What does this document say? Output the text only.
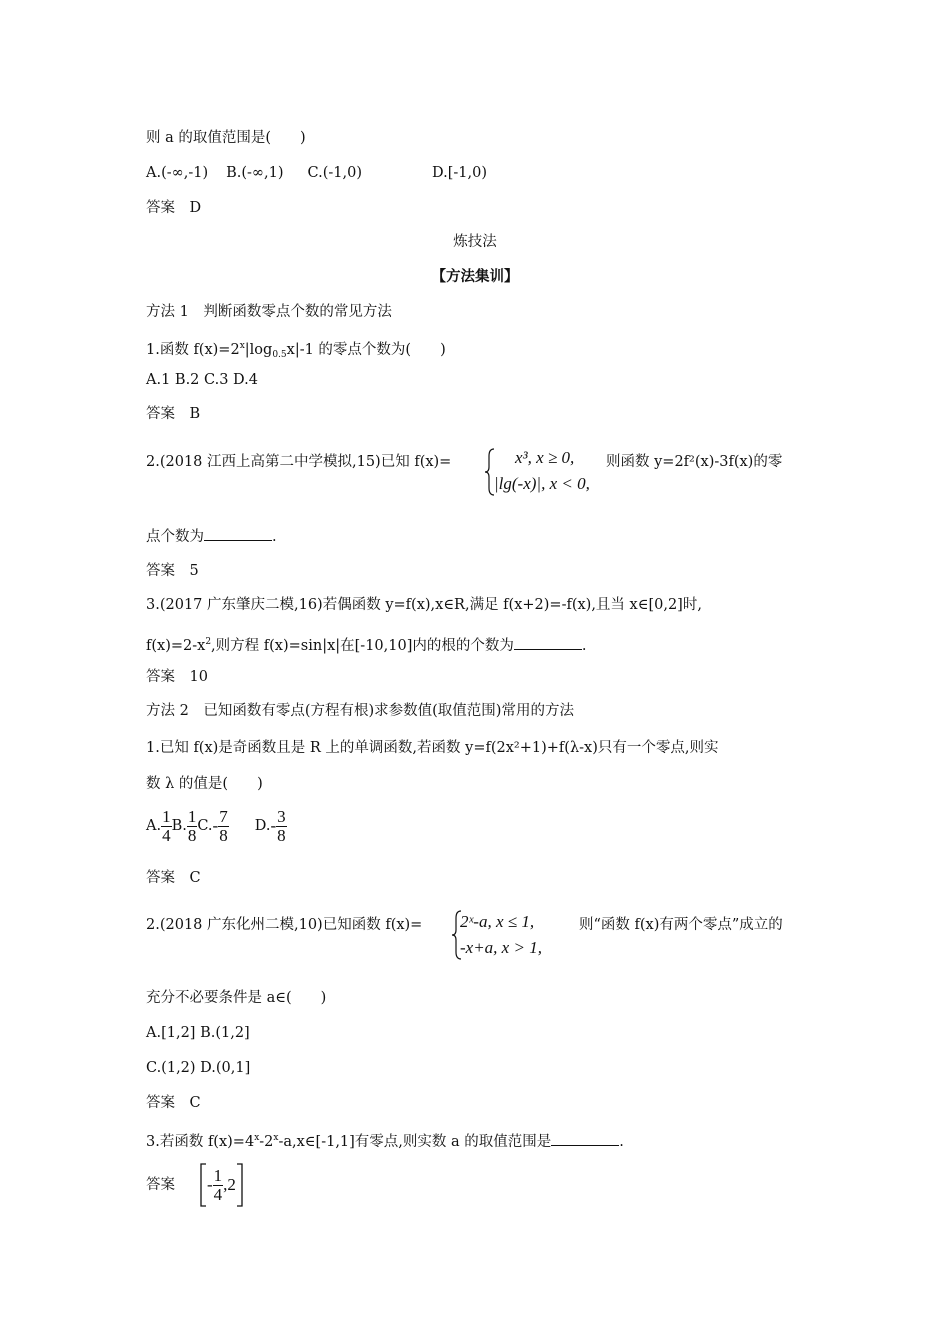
则 a 的取值范围是(　　)
A.(-∞,-1) B.(-∞,1) C.(-1,0)	D.[-1,0)
答案　 D
炼技法
【方法集训】
方法 1　判断函数零点个数的常见方法
1.函数 $f(x)=2^x|\log_{0.5}x|-1$ 的零点个数为(　　)
A.1 B.2 C.3 D.4
答案　 B
2.(2018 江西上高第二中学模拟,15)已知 f(x)=	x³, x ≥ 0,
|lg(-x)|, x < 0,
则函数 y=2f²(x)-3f(x)的零
点个数为	.
答案　 5
3.(2017 广东肇庆二模,16)若偶函数 y=f(x),x∈R,满足 f(x+2)=-f(x),且当 x∈[0,2]时,
$f(x)=2-x^2$,则方程 f(x)=sin|x|在[-10,10]内的根的个数为	.
答案　 10
方法 2　已知函数有零点(方程有根)求参数值(取值范围)常用的方法
1.已知 f(x)是奇函数且是 R 上的单调函数,若函数 y=f(2x²+1)+f(λ-x)只有一个零点,则实
数 λ 的值是(　　)
A. $\frac{1}{4} B$. $\frac{1}{8} C$. - $\frac{7}{8} D$. - $\frac{3}{8}$
答案　 C
2.(2018 广东化州二模,10)已知函数 f(x)= 2ˣ-a, x ≤ 1,
-x+a, x > 1,
则“函数 f(x)有两个零点”成立的
充分不必要条件是 a∈(　　)
A.[1,2] B.(1,2]
C.(1,2) D.(0,1]
答案　 C
3.若函数 $f(x)=4^x-2^x-a,x\in[-1,1]$有零点,则实数 a 的取值范围是	.
答案 - $\frac{1}{4} ,2$
